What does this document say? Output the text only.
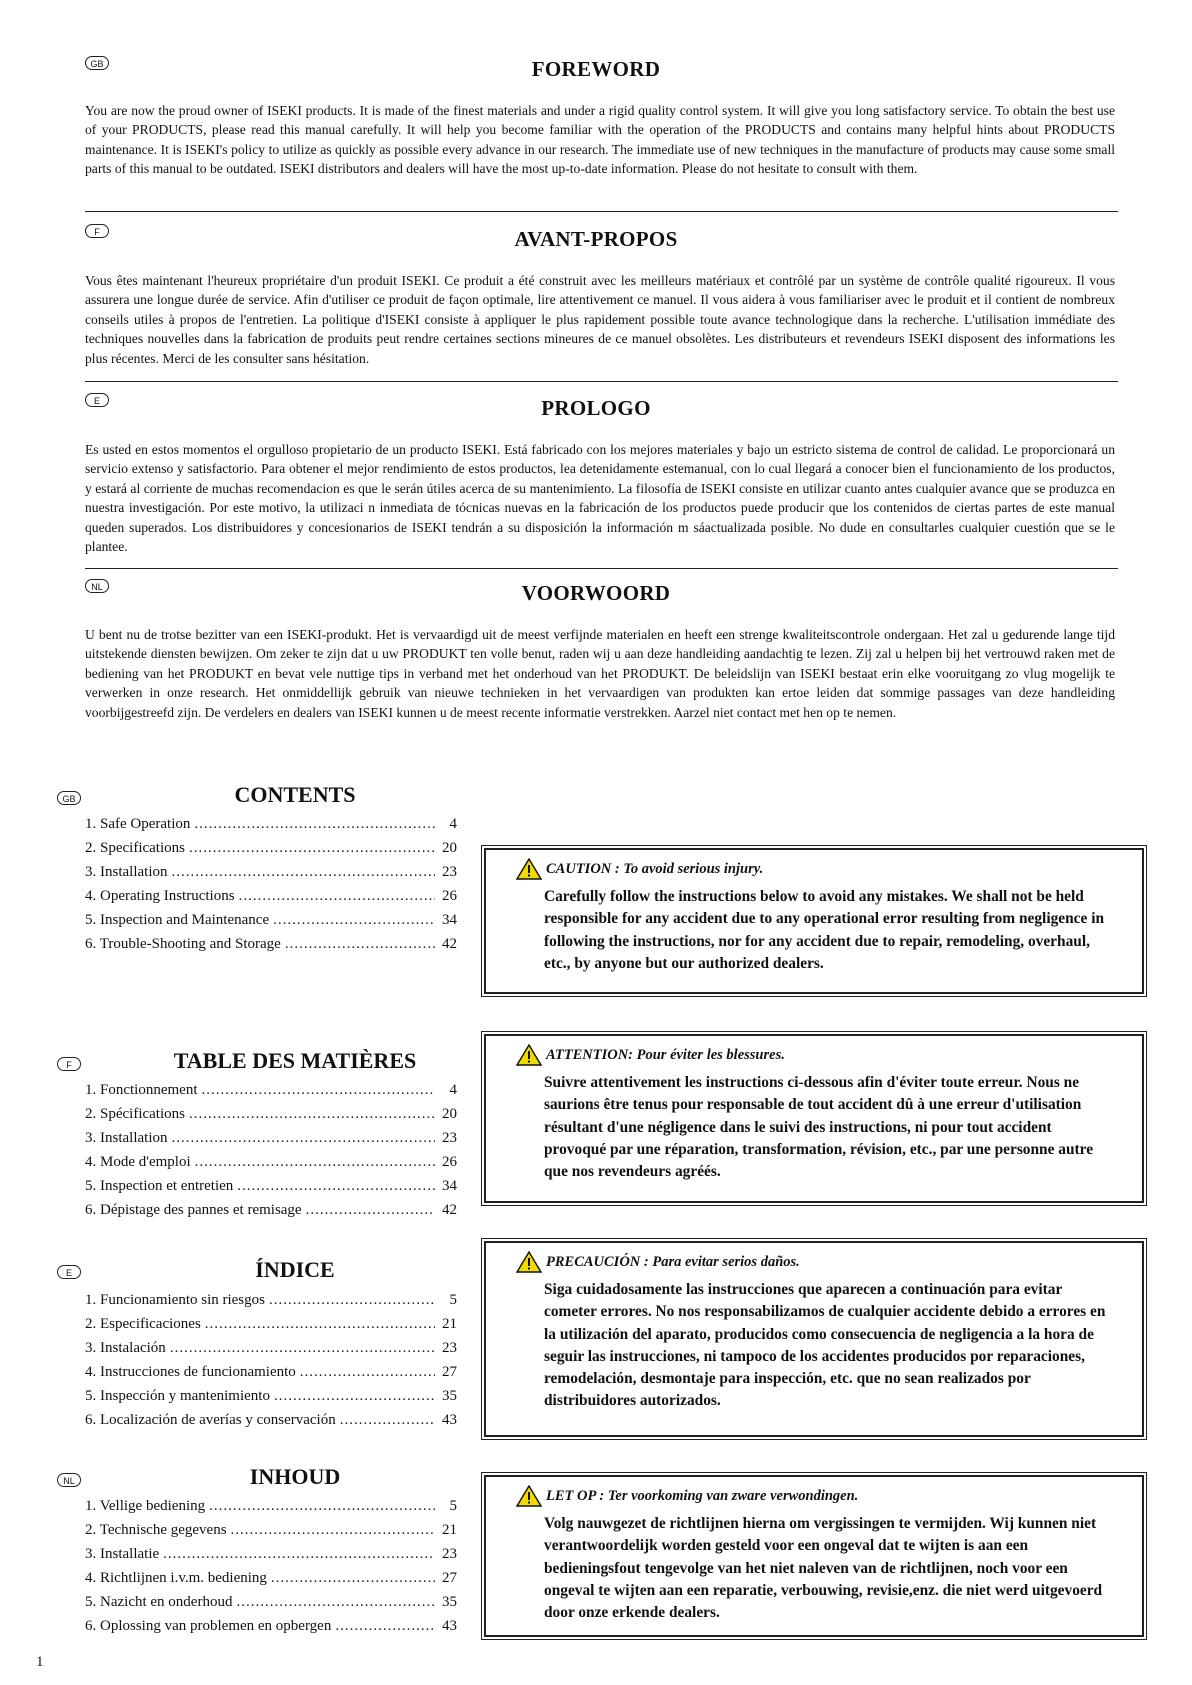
GB	FOREWORD
You are now the proud owner of ISEKI products. It is made of the finest materials and under a rigid quality control system. It will give you long satisfactory service. To obtain the best use of your PRODUCTS, please read this manual carefully. It will help you become familiar with the operation of the PRODUCTS and contains many helpful hints about PRODUCTS maintenance. It is ISEKI's policy to utilize as quickly as possible every advance in our research. The immediate use of new techniques in the manufacture of products may cause some small parts of this manual to be outdated. ISEKI distributors and dealers will have the most up-to-date information. Please do not hesitate to consult with them.
F	AVANT-PROPOS
Vous êtes maintenant l'heureux propriétaire d'un produit ISEKI. Ce produit a été construit avec les meilleurs matériaux et contrôlé par un système de contrôle qualité rigoureux. Il vous assurera une longue durée de service. Afin d'utiliser ce produit de façon optimale, lire attentivement ce manuel. Il vous aidera à vous familiariser avec le produit et il contient de nombreux conseils utiles à propos de l'entretien. La politique d'ISEKI consiste à appliquer le plus rapidement possible toute avance technologique dans la recherche. L'utilisation immédiate des techniques nouvelles dans la fabrication de produits peut rendre certaines sections mineures de ce manuel obsolètes. Les distributeurs et revendeurs ISEKI disposent des informations les plus récentes. Merci de les consulter sans hésitation.
E	PROLOGO
Es usted en estos momentos el orgulloso propietario de un producto ISEKI. Está fabricado con los mejores materiales y bajo un estricto sistema de control de calidad. Le proporcionará un servicio extenso y satisfactorio. Para obtener el mejor rendimiento de estos productos, lea detenidamente estemanual, con lo cual llegará a conocer bien el funcionamiento de los productos, y estará al corriente de muchas recomendacion es que le serán útiles acerca de su mantenimiento. La filosofía de ISEKI consiste en utilizar cuanto antes cualquier avance que se produzca en nuestra investigación. Por este motivo, la utilizaci n inmediata de tócnicas nuevas en la fabricación de los productos puede producir que los contenidos de ciertas partes de este manual queden superados. Los distribuidores y concesionarios de ISEKI tendrán a su disposición la información m sáactualizada posible. No dude en consultarles cualquier cuestión que se le plantee.
NL	VOORWOORD
U bent nu de trotse bezitter van een ISEKI-produkt. Het is vervaardigd uit de meest verfijnde materialen en heeft een strenge kwaliteitscontrole ondergaan. Het zal u gedurende lange tijd uitstekende diensten bewijzen. Om zeker te zijn dat u uw PRODUKT ten volle benut, raden wij u aan deze handleiding aandachtig te lezen. Zij zal u helpen bij het vertrouwd raken met de bediening van het PRODUKT en bevat vele nuttige tips in verband met het onderhoud van het PRODUKT. De beleidslijn van ISEKI bestaat erin elke vooruitgang zo vlug mogelijk te verwerken in onze research. Het onmiddellijk gebruik van nieuwe technieken in het vervaardigen van produkten kan ertoe leiden dat sommige passages van deze handleiding voorbijgestreefd zijn. De verdelers en dealers van ISEKI kunnen u de meest recente informatie verstrekken. Aarzel niet contact met hen op te nemen.
GB	CONTENTS
1. Safe Operation .....	4
2. Specifications .....	20
3. Installation .....	23
4. Operating Instructions .....	26
5. Inspection and Maintenance .....	34
6. Trouble-Shooting and Storage .....	42
F	TABLE DES MATIÈRES
1. Fonctionnement .....	4
2. Spécifications .....	20
3. Installation .....	23
4. Mode d'emploi .....	26
5. Inspection et entretien .....	34
6. Dépistage des pannes et remisage .....	42
E	ÍNDICE
1. Funcionamiento sin riesgos .....	5
2. Especificaciones .....	21
3. Instalación .....	23
4. Instrucciones de funcionamiento .....	27
5. Inspección y mantenimiento .....	35
6. Localización de averías y conservación .....	43
NL	INHOUD
1. Vellige bediening .....	5
2. Technische gegevens .....	21
3. Installatie .....	23
4. Richtlijnen i.v.m. bediening .....	27
5. Nazicht en onderhoud .....	35
6. Oplossing van problemen en opbergen .....	43
CAUTION : To avoid serious injury.
Carefully follow the instructions below to avoid any mistakes. We shall not be held responsible for any accident due to any operational error resulting from negligence in following the instructions, nor for any accident due to repair, remodeling, overhaul, etc., by anyone but our authorized dealers.
ATTENTION: Pour éviter les blessures.
Suivre attentivement les instructions ci-dessous afin d'éviter toute erreur. Nous ne saurions être tenus pour responsable de tout accident dû à une erreur d'utilisation résultant d'une négligence dans le suivi des instructions, ni pour tout accident provoqué par une réparation, transformation, révision, etc., par une personne autre que nos revendeurs agréés.
PRECAUCIÓN : Para evitar serios daños.
Siga cuidadosamente las instrucciones que aparecen a continuación para evitar cometer errores. No nos responsabilizamos de cualquier accidente debido a errores en la utilización del aparato, producidos como consecuencia de negligencia a la hora de seguir las instrucciones, ni tampoco de los accidentes producidos por reparaciones, remodelación, desmontaje para inspección, etc. que no sean realizados por distribuidores autorizados.
LET OP : Ter voorkoming van zware verwondingen.
Volg nauwgezet de richtlijnen hierna om vergissingen te vermijden. Wij kunnen niet verantwoordelijk worden gesteld voor een ongeval dat te wijten is aan een bedieningsfout tengevolge van het niet naleven van de richtlijnen, noch voor een ongeval te wijten aan een reparatie, verbouwing, revisie,enz. die niet werd uitgevoerd door onze erkende dealers.
1
